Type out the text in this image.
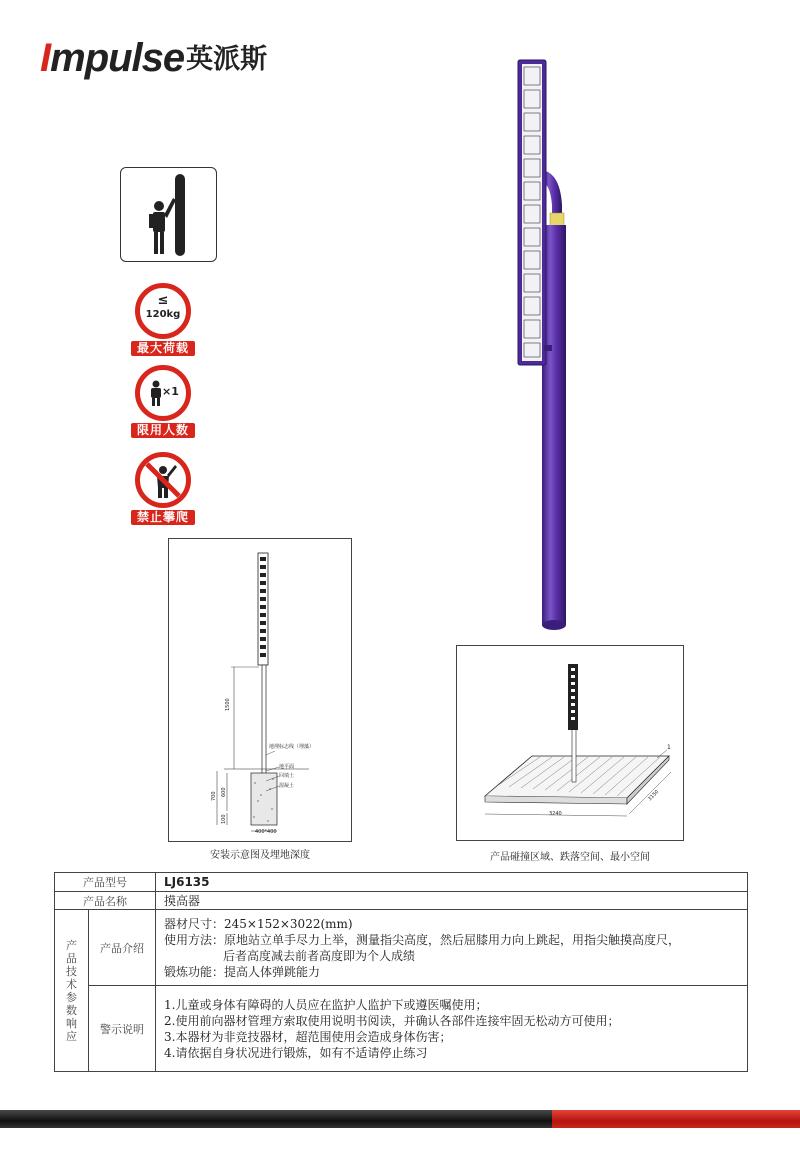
Impulse 英派斯
≤
120kg
最大荷载
×1
限用人数
禁止攀爬
1500
700 600
100
400*400
地埋标志线（埋藻）
地平面
回填土
混凝土
安装示意图及埋地深度
3240
3150
1
产品碰撞区域、跌落空间、最小空间
产品型号		LJ6135
产品名称		摸高器

产品技术参数响应	产品介绍	器材尺寸：245×152×3022(mm)
使用方法：原地站立单手尽力上举，测量指尖高度，然后屈膝用力向上跳起，用指尖触摸高度尺，
后者高度减去前者高度即为个人成绩
锻炼功能：提高人体弹跳能力

	警示说明	1.儿童或身体有障碍的人员应在监护人监护下或遵医嘱使用；
2.使用前向器材管理方索取使用说明书阅读，并确认各部件连接牢固无松动方可使用；
3.本器材为非竞技器材，超范围使用会造成身体伤害；
4.请依据自身状况进行锻炼，如有不适请停止练习
